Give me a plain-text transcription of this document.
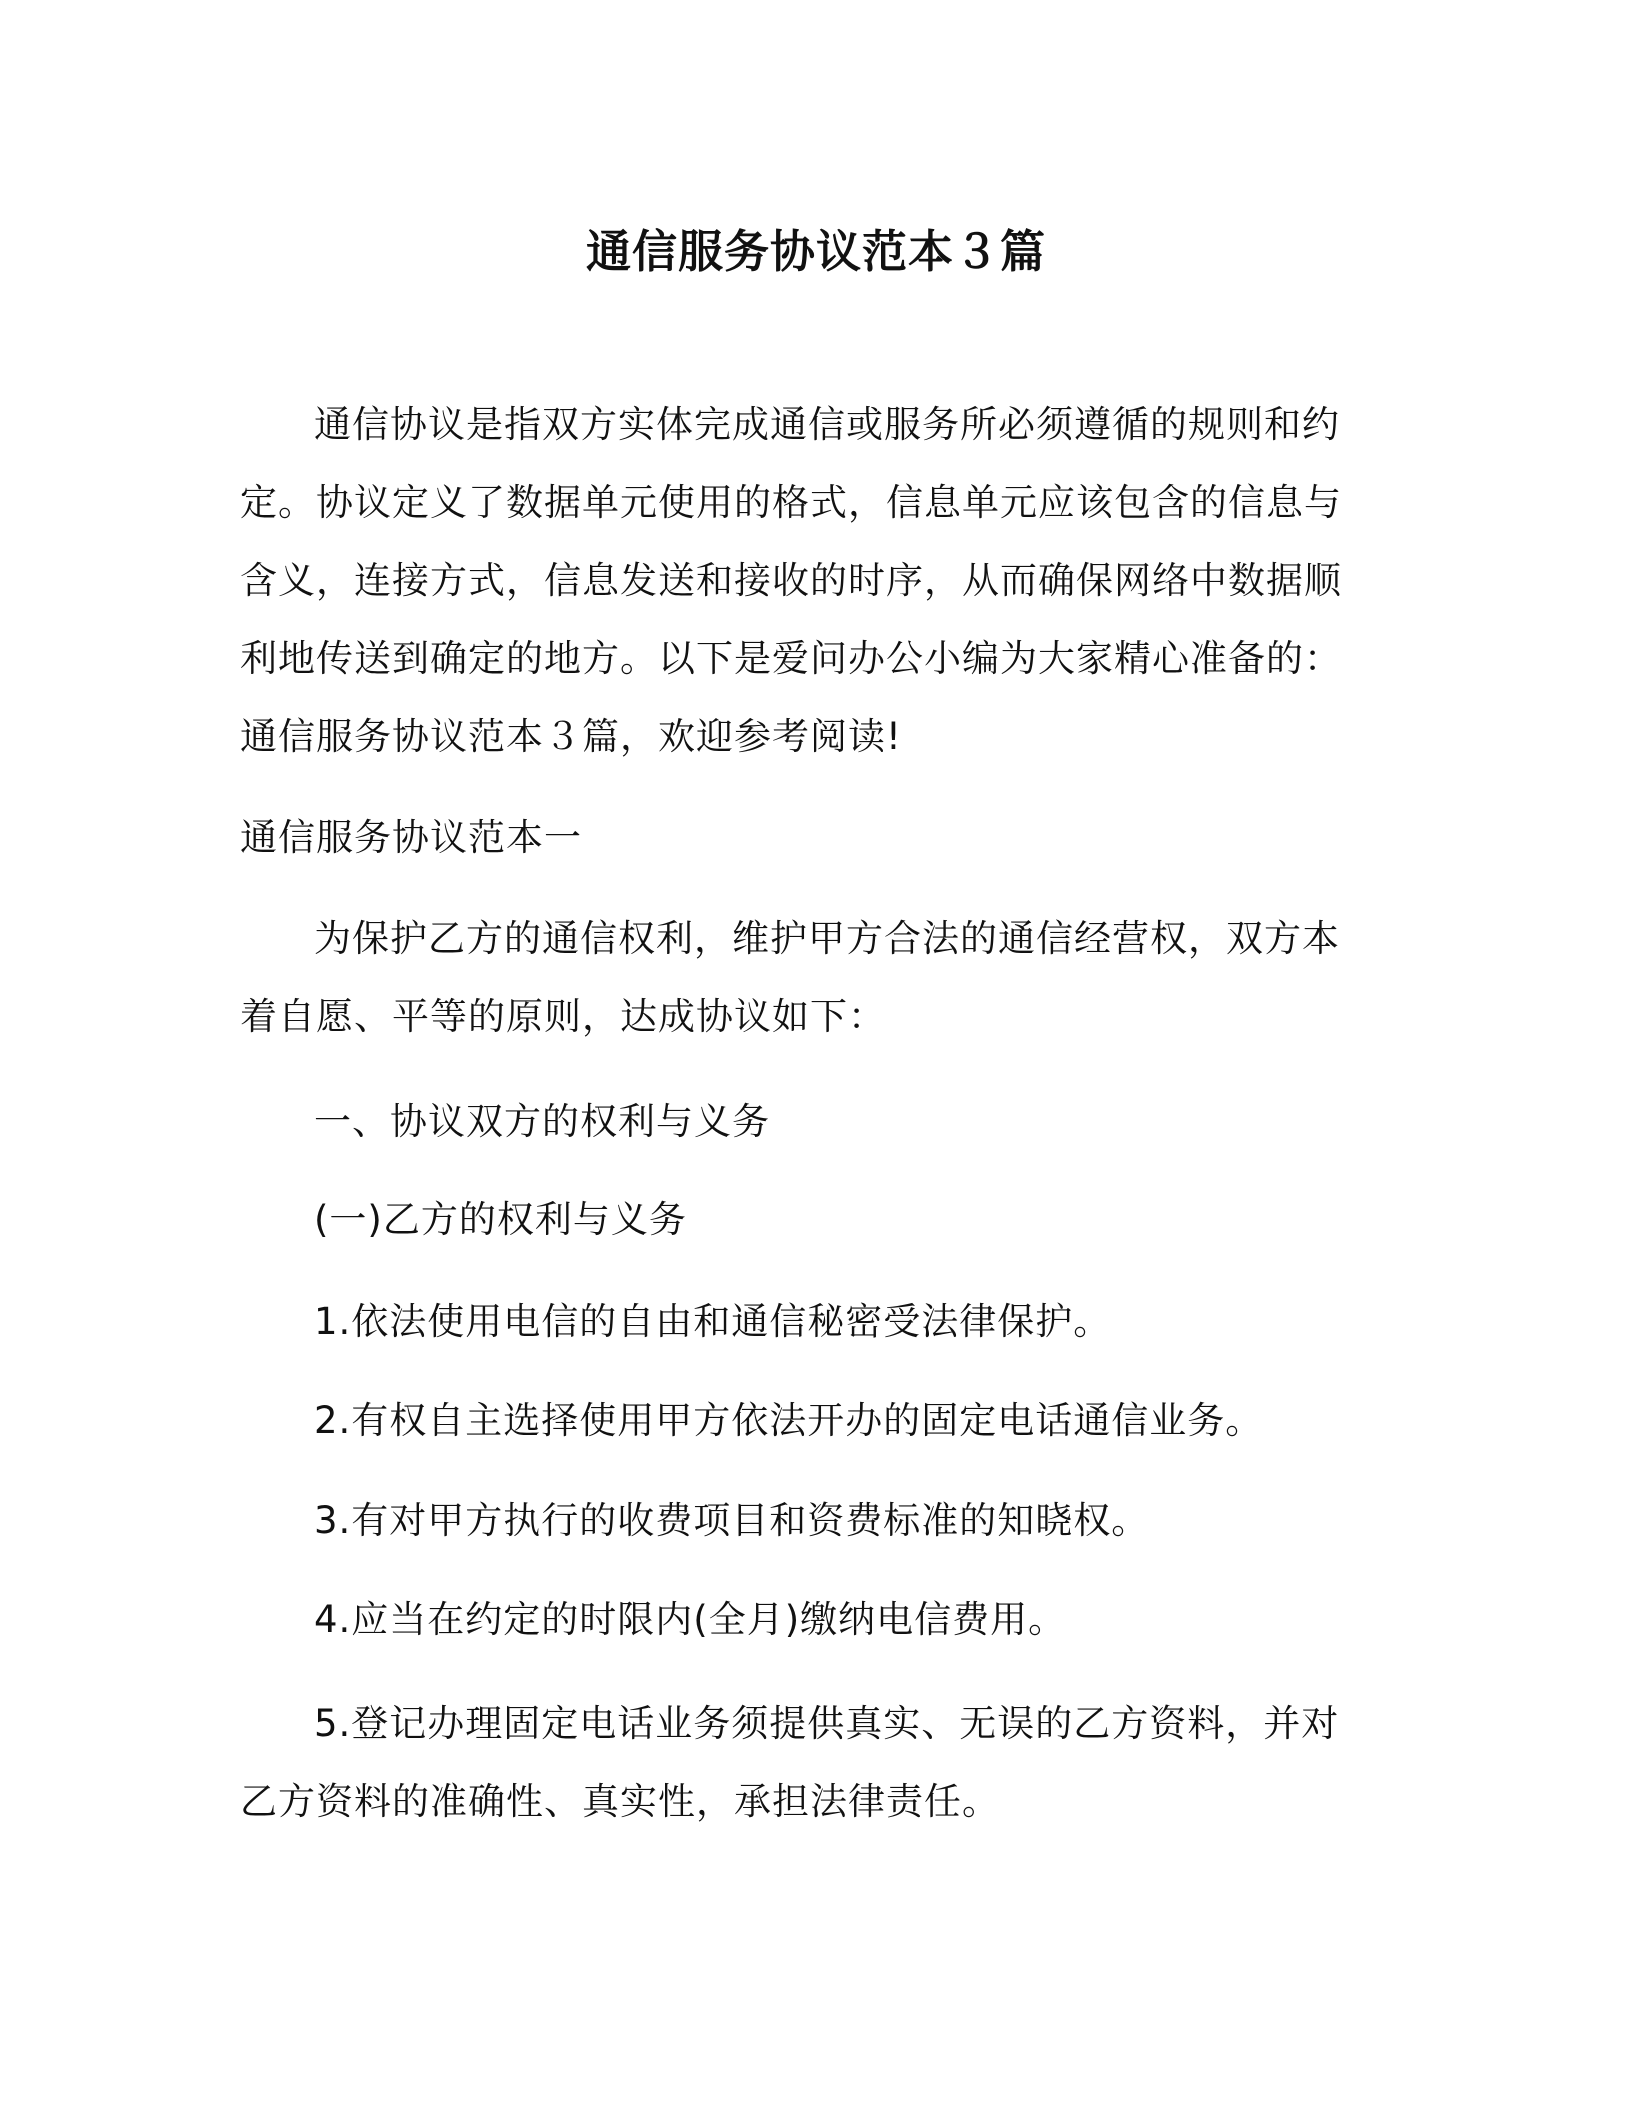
通信服务协议范本３篇

通信协议是指双方实体完成通信或服务所必须遵循的规则和约定。协议定义了数据单元使用的格式，信息单元应该包含的信息与含义，连接方式，信息发送和接收的时序，从而确保网络中数据顺利地传送到确定的地方。以下是爱问办公小编为大家精心准备的：通信服务协议范本３篇，欢迎参考阅读!

通信服务协议范本一

为保护乙方的通信权利，维护甲方合法的通信经营权，双方本着自愿、平等的原则，达成协议如下：

一、协议双方的权利与义务
(一)乙方的权利与义务
1.依法使用电信的自由和通信秘密受法律保护。
2.有权自主选择使用甲方依法开办的固定电话通信业务。
3.有对甲方执行的收费项目和资费标准的知晓权。
4.应当在约定的时限内(全月)缴纳电信费用。

5.登记办理固定电话业务须提供真实、无误的乙方资料，并对乙方资料的准确性、真实性，承担法律责任。
